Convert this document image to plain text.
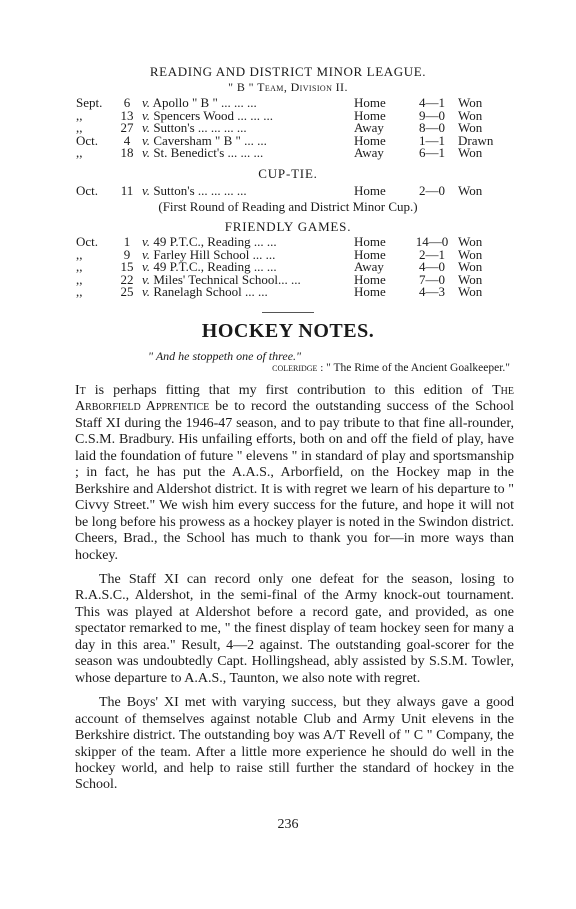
READING AND DISTRICT MINOR LEAGUE.
" B " Team, Division II.
Sept.	6	v. Apollo " B " ... ... ...	Home	4—1	Won
,,	13	v. Spencers Wood ... ... ...	Home	9—0	Won
,,	27	v. Sutton's ... ... ... ...	Away	8—0	Won
Oct.	4	v. Caversham " B " ... ...	Home	1—1	Drawn
,,	18	v. St. Benedict's ... ... ...	Away	6—1	Won
CUP-TIE.
Oct.	11	v. Sutton's ... ... ... ...	Home	2—0	Won
(First Round of Reading and District Minor Cup.)
FRIENDLY GAMES.
Oct.	1	v. 49 P.T.C., Reading ... ...	Home	14—0	Won
,,	9	v. Farley Hill School ... ...	Home	2—1	Won
,,	15	v. 49 P.T.C., Reading ... ...	Away	4—0	Won
,,	22	v. Miles' Technical School... ...	Home	7—0	Won
,,	25	v. Ranelagh School ... ...	Home	4—3	Won
HOCKEY NOTES.
" And he stoppeth one of three."
coleridge : " The Rime of the Ancient Goalkeeper."

It is perhaps fitting that my first contribution to this edition of The Arborfield Apprentice be to record the outstanding success of the School Staff XI during the 1946-47 season, and to pay tribute to that fine all-rounder, C.S.M. Bradbury. His unfailing efforts, both on and off the field of play, have laid the foundation of future " elevens " in standard of play and sportsmanship ; in fact, he has put the A.A.S., Arborfield, on the Hockey map in the Berkshire and Aldershot district. It is with regret we learn of his departure to " Civvy Street." We wish him every success for the future, and hope it will not be long before his prowess as a hockey player is noted in the Swindon district. Cheers, Brad., the School has much to thank you for—in more ways than hockey.

The Staff XI can record only one defeat for the season, losing to R.A.S.C., Aldershot, in the semi-final of the Army knock-out tournament. This was played at Aldershot before a record gate, and provided, as one spectator remarked to me, " the finest display of team hockey seen for many a day in this area." Result, 4—2 against. The outstanding goal-scorer for the season was undoubtedly Capt. Hollingshead, ably assisted by S.S.M. Towler, whose departure to A.A.S., Taunton, we also note with regret.

The Boys' XI met with varying success, but they always gave a good account of themselves against notable Club and Army Unit elevens in the Berkshire district. The outstanding boy was A/T Revell of " C " Company, the skipper of the team. After a little more experience he should do well in the hockey world, and help to raise still further the standard of hockey in the School.

236
